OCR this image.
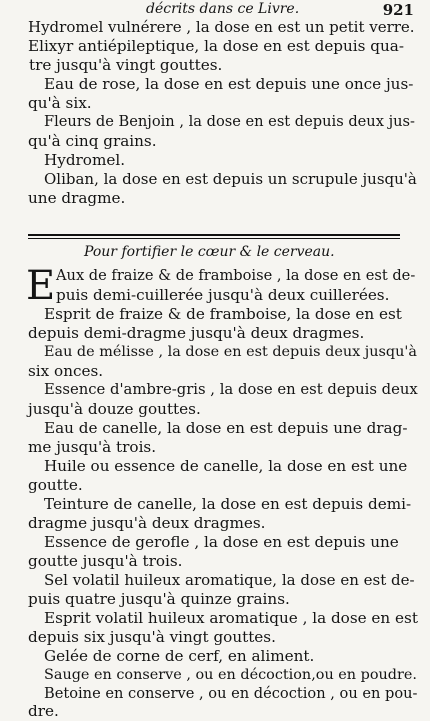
décrits dans ce Livre.	921
Hydromel vulnérere , la dose en est un petit verre.
Elixyr antiépileptique, la dose en est depuis qua-
tre jusqu'à vingt gouttes.
Eau de rose, la dose en est depuis une once jus-
qu'à six.
Fleurs de Benjoin , la dose en est depuis deux jus-
qu'à cinq grains.
Hydromel.
Oliban, la dose en est depuis un scrupule jusqu'à
une dragme.
Pour fortifier le cœur & le cerveau.
E Aux de fraize & de framboise , la dose en est de-
puis demi-cuillerée jusqu'à deux cuillerées.
Esprit de fraize & de framboise, la dose en est
depuis demi-dragme jusqu'à deux dragmes.
Eau de mélisse , la dose en est depuis deux jusqu'à
six onces.
Essence d'ambre-gris , la dose en est depuis deux
jusqu'à douze gouttes.
Eau de canelle, la dose en est depuis une drag-
me jusqu'à trois.
Huile ou essence de canelle, la dose en est une
goutte.
Teinture de canelle, la dose en est depuis demi-
dragme jusqu'à deux dragmes.
Essence de gerofle , la dose en est depuis une
goutte jusqu'à trois.
Sel volatil huileux aromatique, la dose en est de-
puis quatre jusqu'à quinze grains.
Esprit volatil huileux aromatique , la dose en est
depuis six jusqu'à vingt gouttes.
Gelée de corne de cerf, en aliment.
Sauge en conserve , ou en décoction,ou en poudre.
Betoine en conserve , ou en décoction , ou en pou-
dre.
